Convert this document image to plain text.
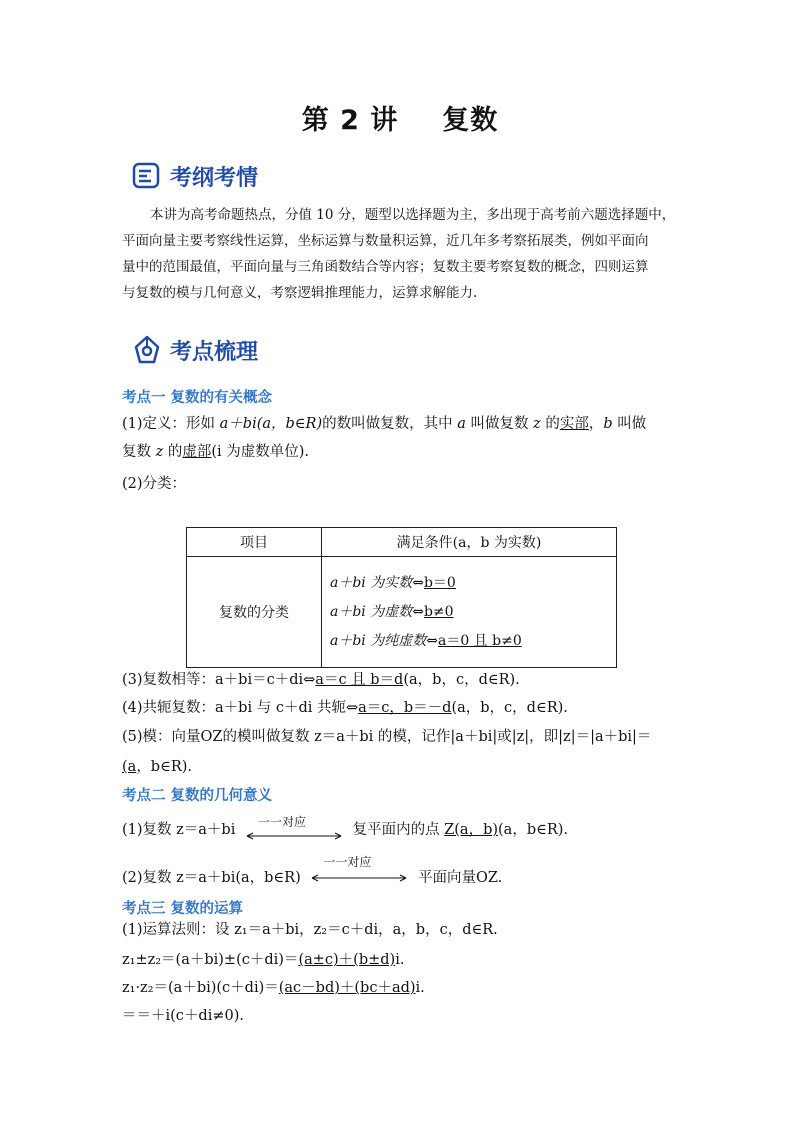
第 2 讲 复数
考纲考情
本讲为高考命题热点，分值 10 分，题型以选择题为主，多出现于高考前六题选择题中，
平面向量主要考察线性运算，坐标运算与数量积运算，近几年多考察拓展类，例如平面向
量中的范围最值，平面向量与三角函数结合等内容；复数主要考察复数的概念，四则运算
与复数的模与几何意义，考察逻辑推理能力，运算求解能力.
考点梳理
考点一 复数的有关概念
(1)定义：形如 a＋bi(a，b∈R)的数叫做复数，其中 a 叫做复数 z 的实部，b 叫做
复数 z 的虚部(i 为虚数单位).
(2)分类：
项目	满足条件(a，b 为实数)
复数的分类	a＋bi 为实数⇔b＝0
a＋bi 为虚数⇔b≠0
a＋bi 为纯虚数⇔a＝0 且 b≠0
(3)复数相等：a＋bi＝c＋di⇔a＝c 且 b＝d(a，b，c，d∈R).
(4)共轭复数：a＋bi 与 c＋di 共轭⇔a＝c，b＝－d(a，b，c，d∈R).
(5)模：向量OZ的模叫做复数 z＝a＋bi 的模，记作|a＋bi|或|z|，即|z|＝|a＋bi|＝
(a，b∈R).
考点二 复数的几何意义
(1)复数 z＝a＋bi 一一对应	复平面内的点 Z(a，b)(a，b∈R).
(2)复数 z＝a＋bi(a，b∈R)
一一对应
平面向量OZ.
考点三 复数的运算
(1)运算法则：设 z₁＝a＋bi，z₂＝c＋di，a，b，c，d∈R.
z₁±z₂＝(a＋bi)±(c＋di)＝(a±c)＋(b±d)i.
z₁·z₂＝(a＋bi)(c＋di)＝(ac－bd)＋(bc＋ad)i.
＝＝＋i(c＋di≠0).
